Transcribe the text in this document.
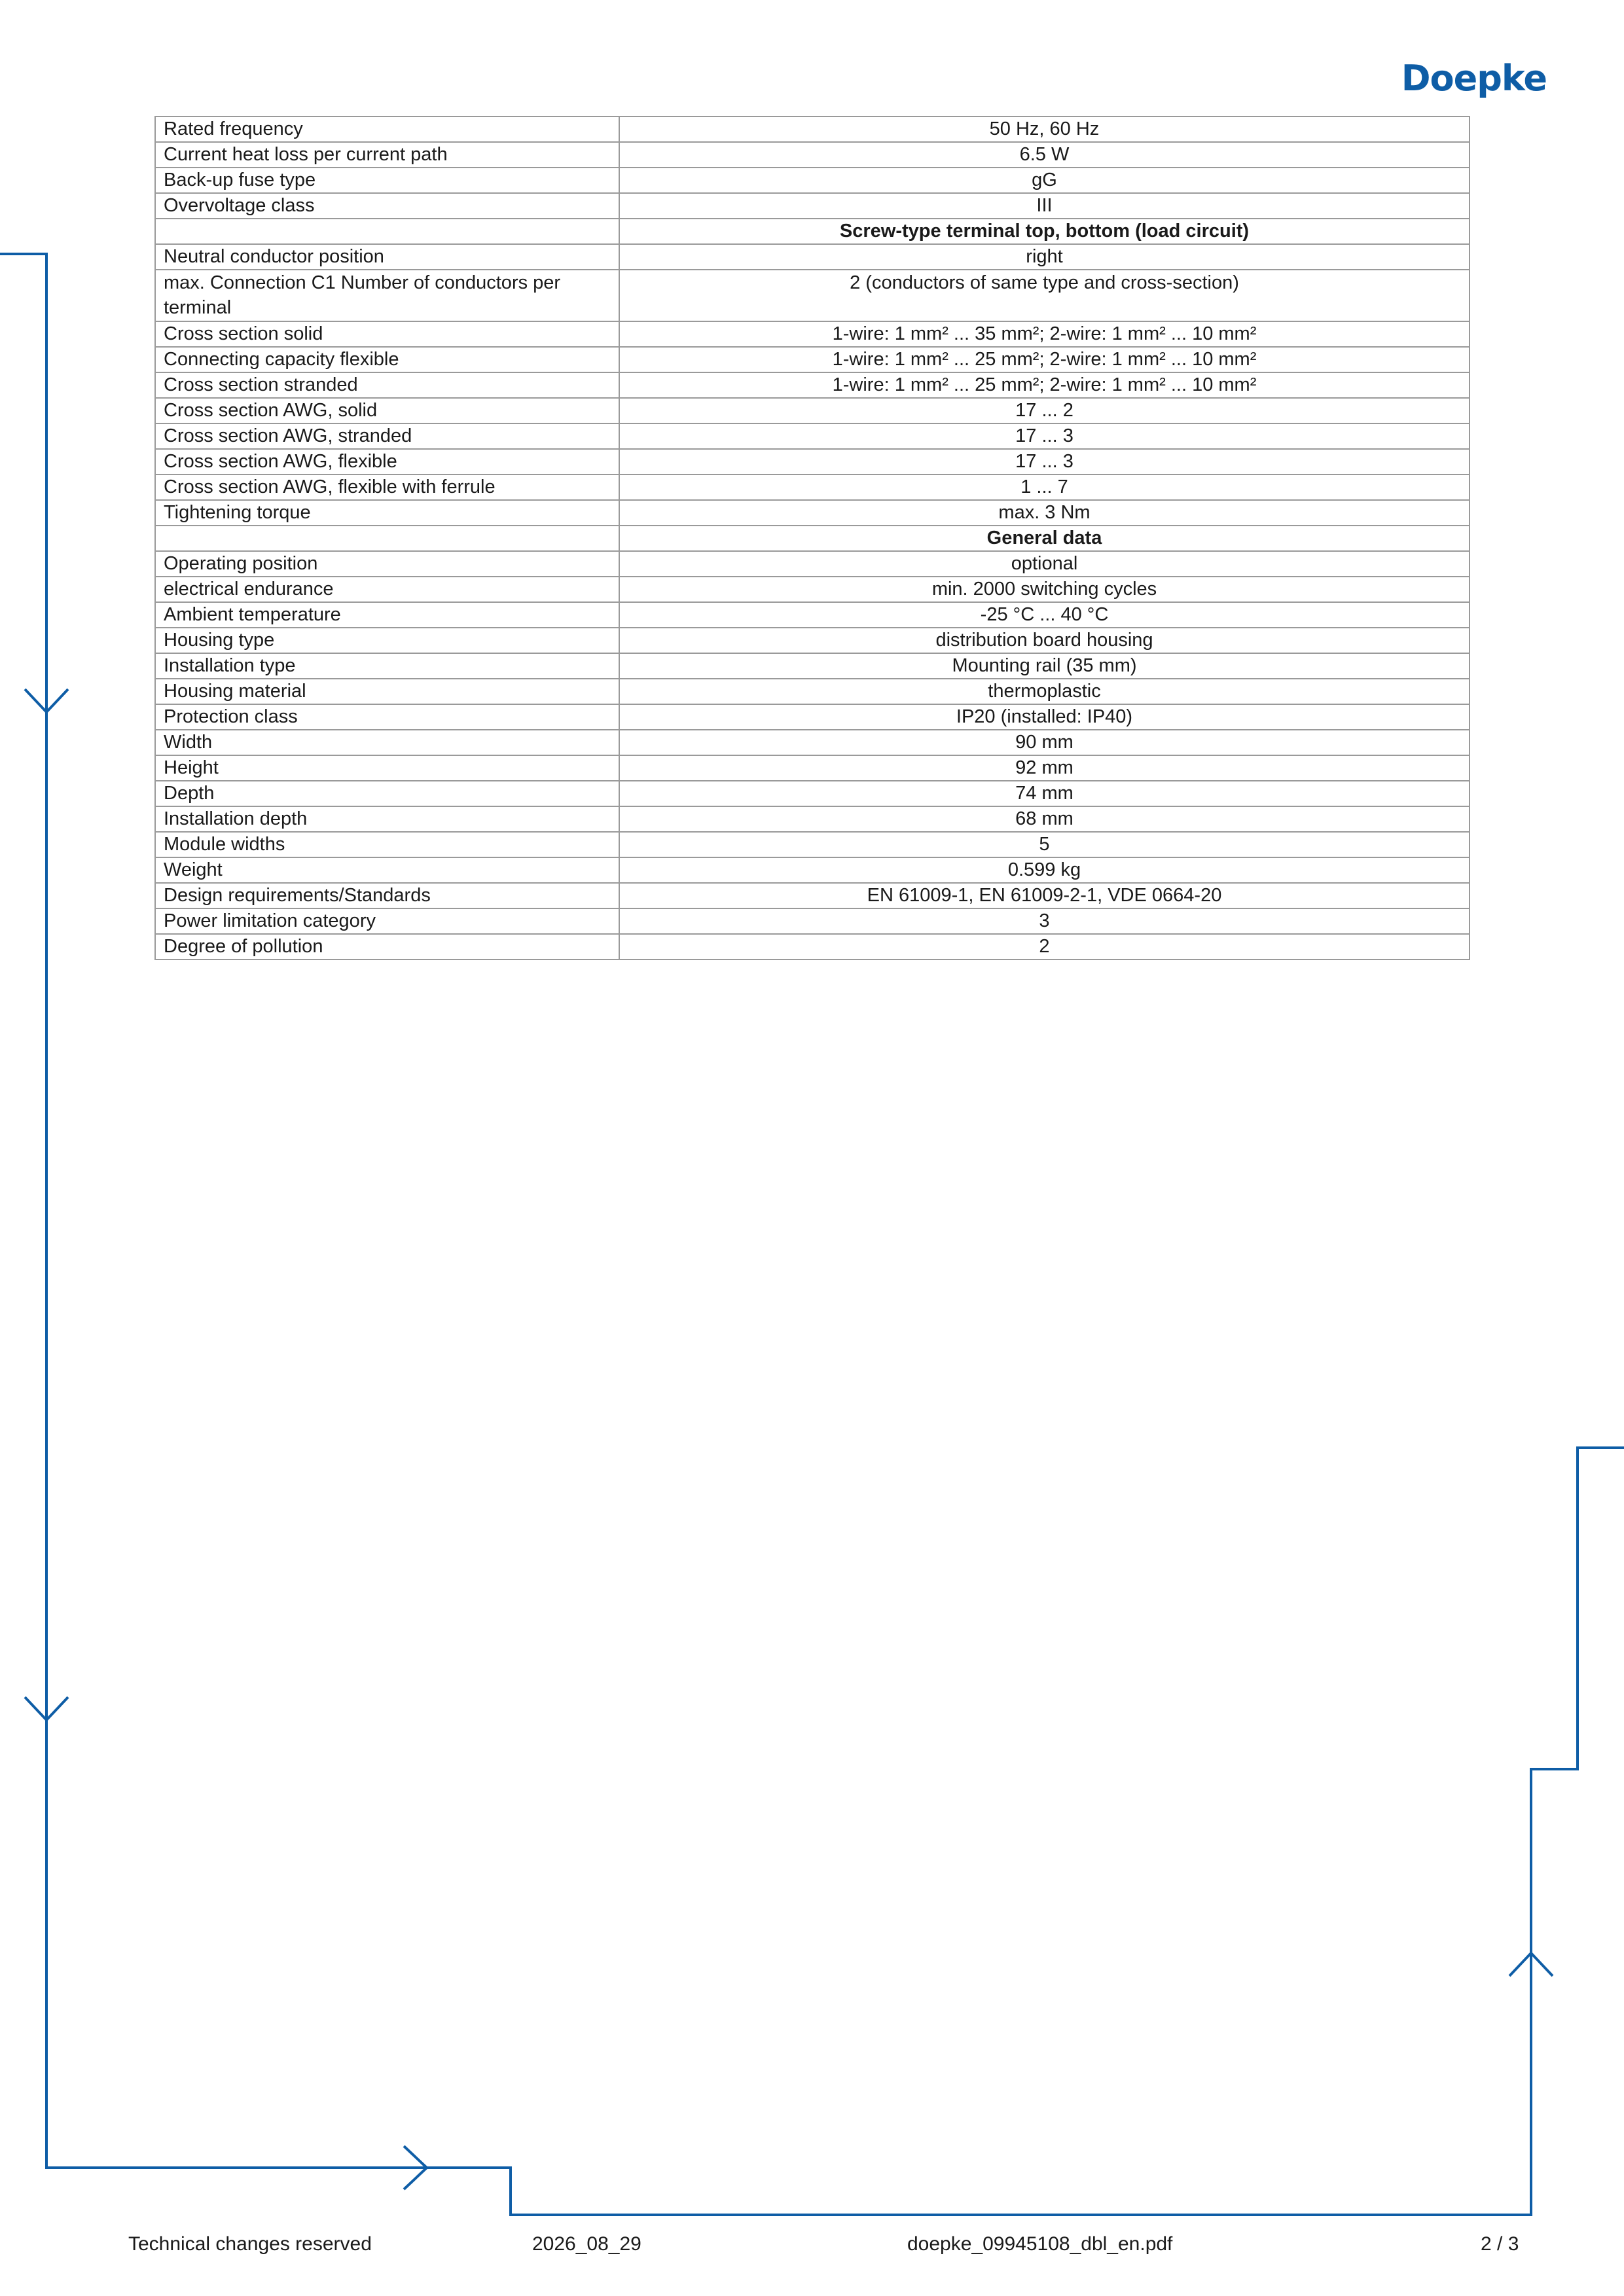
Doepke
Rated frequency	50 Hz, 60 Hz
Current heat loss per current path	6.5 W
Back-up fuse type	gG
Overvoltage class	III
	Screw-type terminal top, bottom (load circuit)
Neutral conductor position	right
max. Connection C1 Number of conductors per terminal	2 (conductors of same type and cross-section)
Cross section solid	1-wire: 1 mm² ... 35 mm²; 2-wire: 1 mm² ... 10 mm²
Connecting capacity flexible	1-wire: 1 mm² ... 25 mm²; 2-wire: 1 mm² ... 10 mm²
Cross section stranded	1-wire: 1 mm² ... 25 mm²; 2-wire: 1 mm² ... 10 mm²
Cross section AWG, solid	17 ... 2
Cross section AWG, stranded	17 ... 3
Cross section AWG, flexible	17 ... 3
Cross section AWG, flexible with ferrule	1 ... 7
Tightening torque	max. 3 Nm
	General data
Operating position	optional
electrical endurance	min. 2000 switching cycles
Ambient temperature	-25 °C ... 40 °C
Housing type	distribution board housing
Installation type	Mounting rail (35 mm)
Housing material	thermoplastic
Protection class	IP20 (installed: IP40)
Width	90 mm
Height	92 mm
Depth	74 mm
Installation depth	68 mm
Module widths	5
Weight	0.599 kg
Design requirements/Standards	EN 61009-1, EN 61009-2-1, VDE 0664-20
Power limitation category	3
Degree of pollution	2
Technical changes reserved	2026_08_29	doepke_09945108_dbl_en.pdf	2 / 3
